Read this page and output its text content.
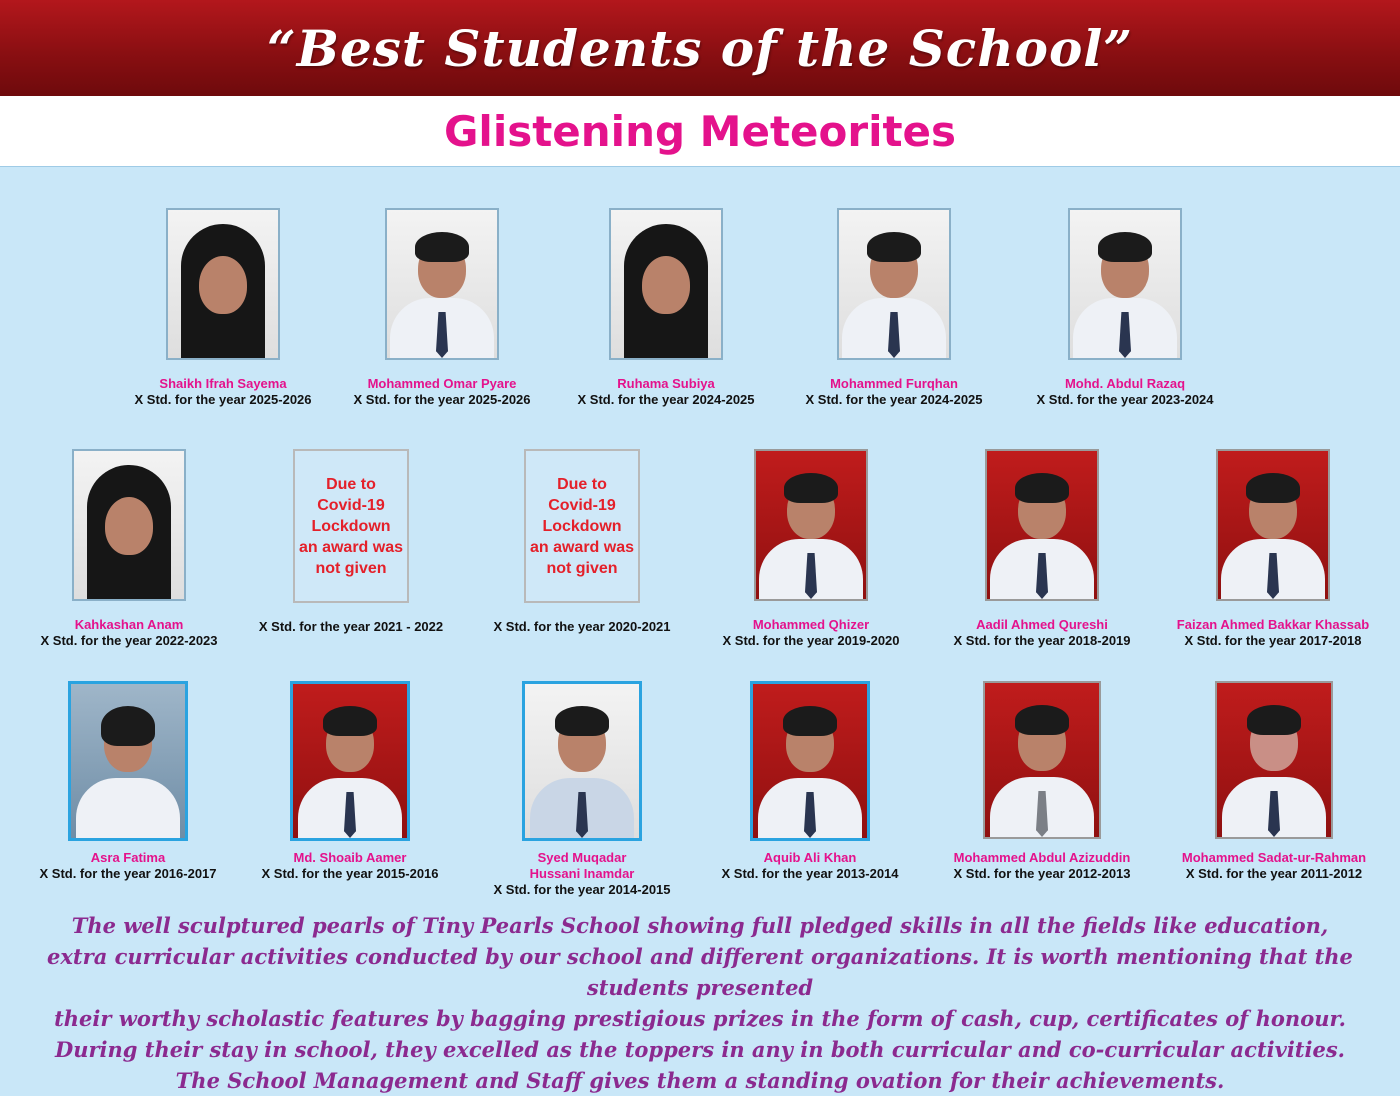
“Best Students of the School”
Glistening Meteorites
Shaikh Ifrah Sayema
X Std. for the year 2025-2026
Mohammed Omar Pyare
X Std. for the year 2025-2026
Ruhama Subiya
X Std. for the year 2024-2025
Mohammed Furqhan
X Std. for the year 2024-2025
Mohd. Abdul Razaq
X Std. for the year 2023-2024
Kahkashan Anam
X Std. for the year 2022-2023
Due to
Covid-19
Lockdown
an award was
not given
X Std. for the year 2021 - 2022
Due to
Covid-19
Lockdown
an award was
not given
X Std. for the year 2020-2021	Mohammed Qhizer
X Std. for the year 2019-2020
Aadil Ahmed Qureshi
X Std. for the year 2018-2019
Faizan Ahmed Bakkar Khassab
X Std. for the year 2017-2018
Asra Fatima
X Std. for the year 2016-2017
Md. Shoaib Aamer
X Std. for the year 2015-2016
Syed Muqadar
Hussani Inamdar
X Std. for the year 2014-2015
Aquib Ali Khan
X Std. for the year 2013-2014
Mohammed Abdul Azizuddin
X Std. for the year 2012-2013
Mohammed Sadat-ur-Rahman
X Std. for the year 2011-2012

The well sculptured pearls of Tiny Pearls School showing full pledged skills in all the fields like education,

extra curricular activities conducted by our school and different organizations. It is worth mentioning that the students presented

their worthy scholastic features by bagging prestigious prizes in the form of cash, cup, certificates of honour.

During their stay in school, they excelled as the toppers in any in both curricular and co-curricular activities.

The School Management and Staff gives them a standing ovation for their achievements.
